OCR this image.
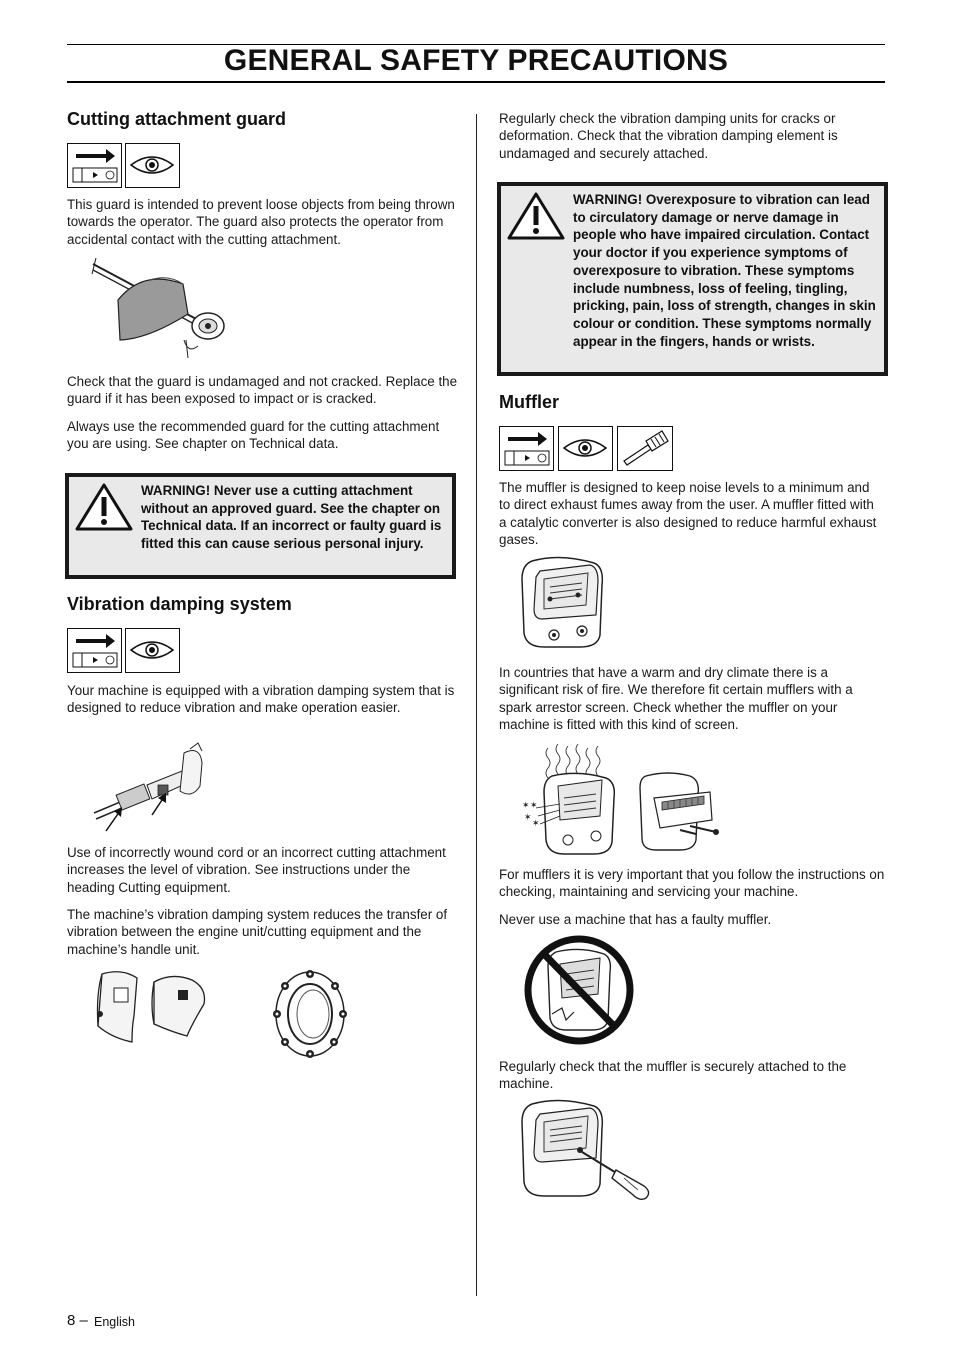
GENERAL SAFETY PRECAUTIONS
Cutting attachment guard

This guard is intended to prevent loose objects from being thrown towards the operator. The guard also protects the operator from accidental contact with the cutting attachment.

Check that the guard is undamaged and not cracked. Replace the guard if it has been exposed to impact or is cracked.

Always use the recommended guard for the cutting attachment you are using. See chapter on Technical data.

WARNING! Never use a cutting attachment without an approved guard. See the chapter on Technical data. If an incorrect or faulty guard is fitted this can cause serious personal injury.

Vibration damping system

Your machine is equipped with a vibration damping system that is designed to reduce vibration and make operation easier.

Use of incorrectly wound cord or an incorrect cutting attachment increases the level of vibration. See instructions under the heading Cutting equipment.

The machine’s vibration damping system reduces the transfer of vibration between the engine unit/cutting equipment and the machine’s handle unit.

Regularly check the vibration damping units for cracks or deformation. Check that the vibration damping element is undamaged and securely attached.

WARNING! Overexposure to vibration can lead to circulatory damage or nerve damage in people who have impaired circulation. Contact your doctor if you experience symptoms of overexposure to vibration. These symptoms include numbness, loss of feeling, tingling, pricking, pain, loss of strength, changes in skin colour or condition. These symptoms normally appear in the fingers, hands or wrists.

Muffler

The muffler is designed to keep noise levels to a minimum and to direct exhaust fumes away from the user. A muffler fitted with a catalytic converter is also designed to reduce harmful exhaust gases.

In countries that have a warm and dry climate there is a significant risk of fire. We therefore fit certain mufflers with a spark arrestor screen. Check whether the muffler on your machine is fitted with this kind of screen.

✶ ✶
✶
✶

For mufflers it is very important that you follow the instructions on checking, maintaining and servicing your machine.

Never use a machine that has a faulty muffler.

Regularly check that the muffler is securely attached to the machine.

8 – English
